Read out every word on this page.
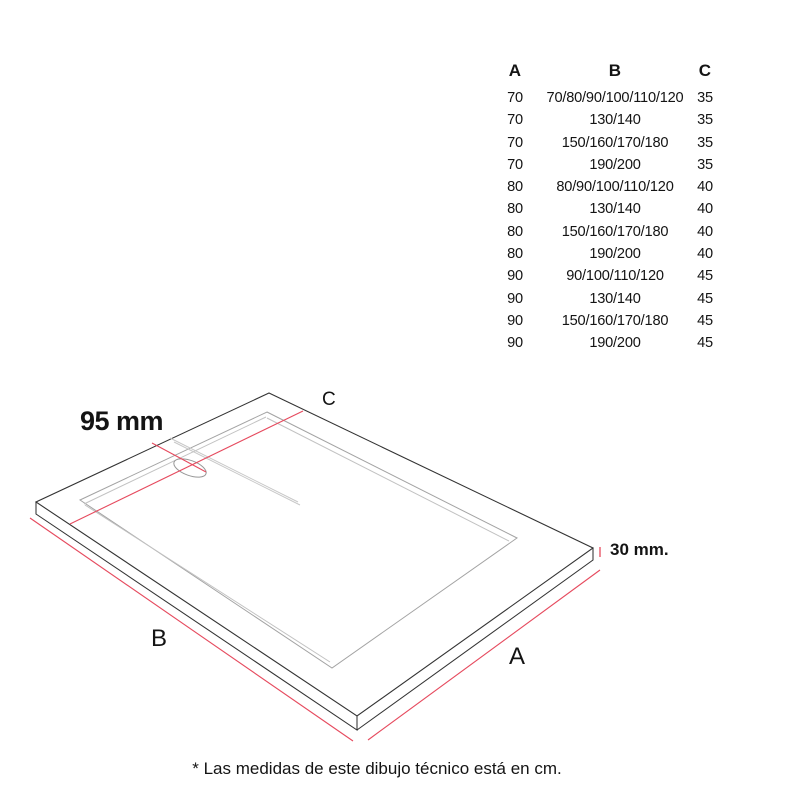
A	B	C
70	70/80/90/100/110/120 35
70	130/140	35
70	150/160/170/180	35
70	190/200	35
80	80/90/100/110/120	40
80	130/140	40
80	150/160/170/180	40
80	190/200	40
90	90/100/110/120	45
90	130/140	45
90	150/160/170/180	45
90	190/200	45
95 mm
C
B
A
30 mm.
* Las medidas de este dibujo técnico está en cm.
